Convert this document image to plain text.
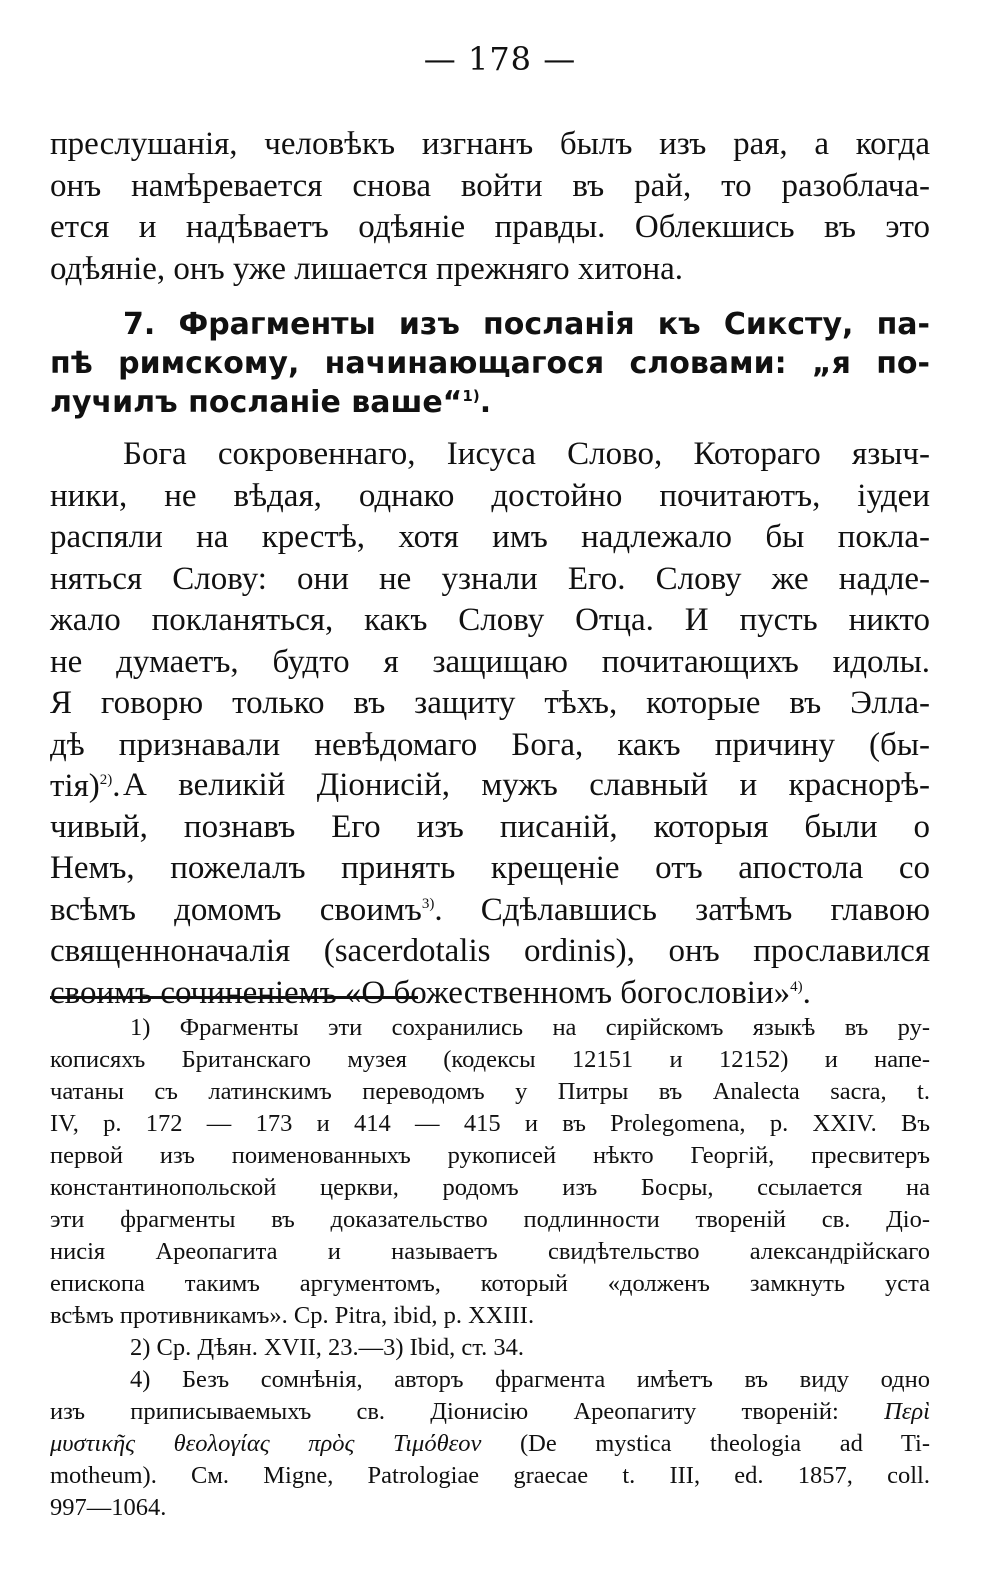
— 178 —
преслушанія, человѣкъ изгнанъ былъ изъ рая, а когда
онъ намѣревается снова войти въ рай, то разоблача-
ется и надѣваетъ одѣяніе правды. Облекшись въ это
одѣяніе, онъ уже лишается прежняго хитона.
7. Фрагменты изъ посланія къ Сиксту, па-
пѣ римскому, начинающагося словами: „я по-
лучилъ посланіе ваше“$^{1)}$.
Бога сокровеннаго, Іисуса Слово, Котораго языч-
ники, не вѣдая, однако достойно почитаютъ, іудеи
распяли на крестѣ, хотя имъ надлежало бы покла-
няться Слову: они не узнали Его. Слову же надле-
жало покланяться, какъ Слову Отца. И пусть никто
не думаетъ, будто я защищаю почитающихъ идолы.
Я говорю только въ защиту тѣхъ, которые въ Элла-
дѣ признавали невѣдомаго Бога, какъ причину (бы-
тія)$^{2)}$. А великій Діонисій, мужъ славный и краснорѣ-
чивый, познавъ Его изъ писаній, которыя были о
Немъ, пожелалъ принять крещеніе отъ апостола со
всѣмъ домомъ своимъ$^{3)}$. Сдѣлавшись затѣмъ главою
священноначалія (sacerdotalis ordinis), онъ прославился
своимъ сочиненіемъ «О божественномъ богословіи»$^{4)}$.
1) Фрагменты эти сохранились на сирійскомъ языкѣ въ ру-
кописяхъ Британскаго музея (кодексы 12151 и 12152) и напе-
чатаны съ латинскимъ переводомъ у Питры въ Analecta sacra, t.
IV, p. 172 — 173 и 414 — 415 и въ Prolegomena, p. XXIV. Въ
первой изъ поименованныхъ рукописей нѣкто Георгій, пресвитеръ
константинопольской церкви, родомъ изъ Босры, ссылается на
эти фрагменты въ доказательство подлинности твореній св. Діо-
нисія Ареопагита и называетъ свидѣтельство александрійскаго
епископа такимъ аргументомъ, который «долженъ замкнуть уста
всѣмъ противникамъ». Ср. Pitra, ibid, p. XXIII.
2) Ср. Дѣян. XVII, 23.—3) Ibid, ст. 34.
4) Безъ сомнѣнія, авторъ фрагмента имѣетъ въ виду одно
изъ приписываемыхъ св. Діонисію Ареопагиту твореній: Περὶ
μυστικῆς θεολογίας πρὸς Τιμόθεον (De mystica theologia ad Ti-
motheum). См. Migne, Patrologiae graecae t. III, ed. 1857, coll.
997—1064.
